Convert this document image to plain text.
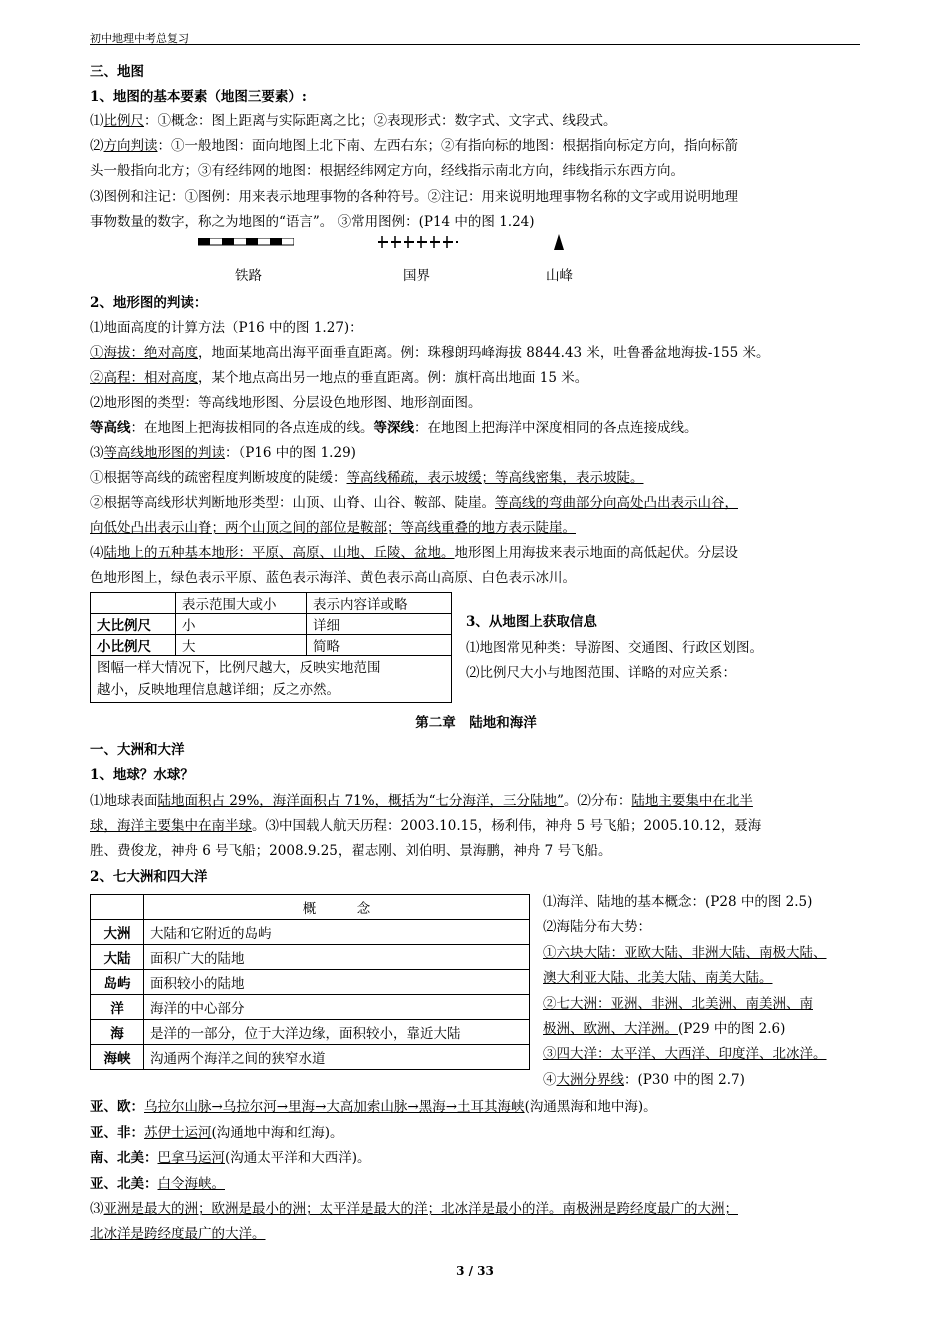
初中地理中考总复习
三、地图
1、地图的基本要素（地图三要素）:
⑴比例尺：①概念：图上距离与实际距离之比；②表现形式：数字式、文字式、线段式。
⑵方向判读：①一般地图：面向地图上北下南、左西右东；②有指向标的地图：根据指向标定方向，指向标箭
头一般指向北方；③有经纬网的地图：根据经纬网定方向，经线指示南北方向，纬线指示东西方向。
⑶图例和注记：①图例：用来表示地理事物的各种符号。②注记：用来说明地理事物名称的文字或用说明地理
事物数量的数字，称之为地图的“语言”。 ③常用图例：(P14 中的图 1.24)
铁路	国界	山峰
2、地形图的判读：
⑴地面高度的计算方法（P16 中的图 1.27)：
①海拔：绝对高度，地面某地高出海平面垂直距离。例：珠穆朗玛峰海拔 8844.43 米，吐鲁番盆地海拔-155 米。
②高程：相对高度，某个地点高出另一地点的垂直距离。例：旗杆高出地面 15 米。
⑵地形图的类型：等高线地形图、分层设色地形图、地形剖面图。
等高线：在地图上把海拔相同的各点连成的线。等深线：在地图上把海洋中深度相同的各点连接成线。
⑶等高线地形图的判读：（P16 中的图 1.29)
①根据等高线的疏密程度判断坡度的陡缓：等高线稀疏，表示坡缓；等高线密集，表示坡陡。
②根据等高线形状判断地形类型：山顶、山脊、山谷、鞍部、陡崖。等高线的弯曲部分向高处凸出表示山谷，
向低处凸出表示山脊；两个山顶之间的部位是鞍部；等高线重叠的地方表示陡崖。
⑷陆地上的五种基本地形：平原、高原、山地、丘陵、盆地。地形图上用海拔来表示地面的高低起伏。分层设
色地形图上，绿色表示平原、蓝色表示海洋、黄色表示高山高原、白色表示冰川。
	表示范围大或小	表示内容详或略
大比例尺	小	详细
小比例尺	大	简略

图幅一样大情况下，比例尺越大，反映实地范围
越小，反映地理信息越详细；反之亦然。		
3、从地图上获取信息
⑴地图常见种类：导游图、交通图、行政区划图。
⑵比例尺大小与地图范围、详略的对应关系：
第二章　陆地和海洋
一、大洲和大洋
1、地球？水球？
⑴地球表面陆地面积占 29%，海洋面积占 71%，概括为“七分海洋，三分陆地”。⑵分布：陆地主要集中在北半
球，海洋主要集中在南半球。⑶中国载人航天历程：2003.10.15，杨利伟，神舟 5 号飞船；2005.10.12，聂海
胜、费俊龙，神舟 6 号飞船；2008.9.25，翟志刚、刘伯明、景海鹏，神舟 7 号飞船。
2、七大洲和四大洋
	概　　　念
大洲	大陆和它附近的岛屿
大陆	面积广大的陆地
岛屿	面积较小的陆地
洋	海洋的中心部分
海	是洋的一部分，位于大洋边缘，面积较小，靠近大陆
海峡	沟通两个海洋之间的狭窄水道
⑴海洋、陆地的基本概念：(P28 中的图 2.5)
⑵海陆分布大势：
①六块大陆：亚欧大陆、非洲大陆、南极大陆、
澳大利亚大陆、北美大陆、南美大陆。
②七大洲：亚洲、非洲、北美洲、南美洲、南
极洲、欧洲、大洋洲。(P29 中的图 2.6)
③四大洋：太平洋、大西洋、印度洋、北冰洋。
④大洲分界线：(P30 中的图 2.7)
亚、欧：乌拉尔山脉→乌拉尔河→里海→大高加索山脉→黑海→土耳其海峡(沟通黑海和地中海)。
亚、非：苏伊士运河(沟通地中海和红海)。
南、北美：巴拿马运河(沟通太平洋和大西洋)。
亚、北美：白令海峡。
⑶亚洲是最大的洲；欧洲是最小的洲；太平洋是最大的洋；北冰洋是最小的洋。南极洲是跨经度最广的大洲；
北冰洋是跨经度最广的大洋。
3 / 33
